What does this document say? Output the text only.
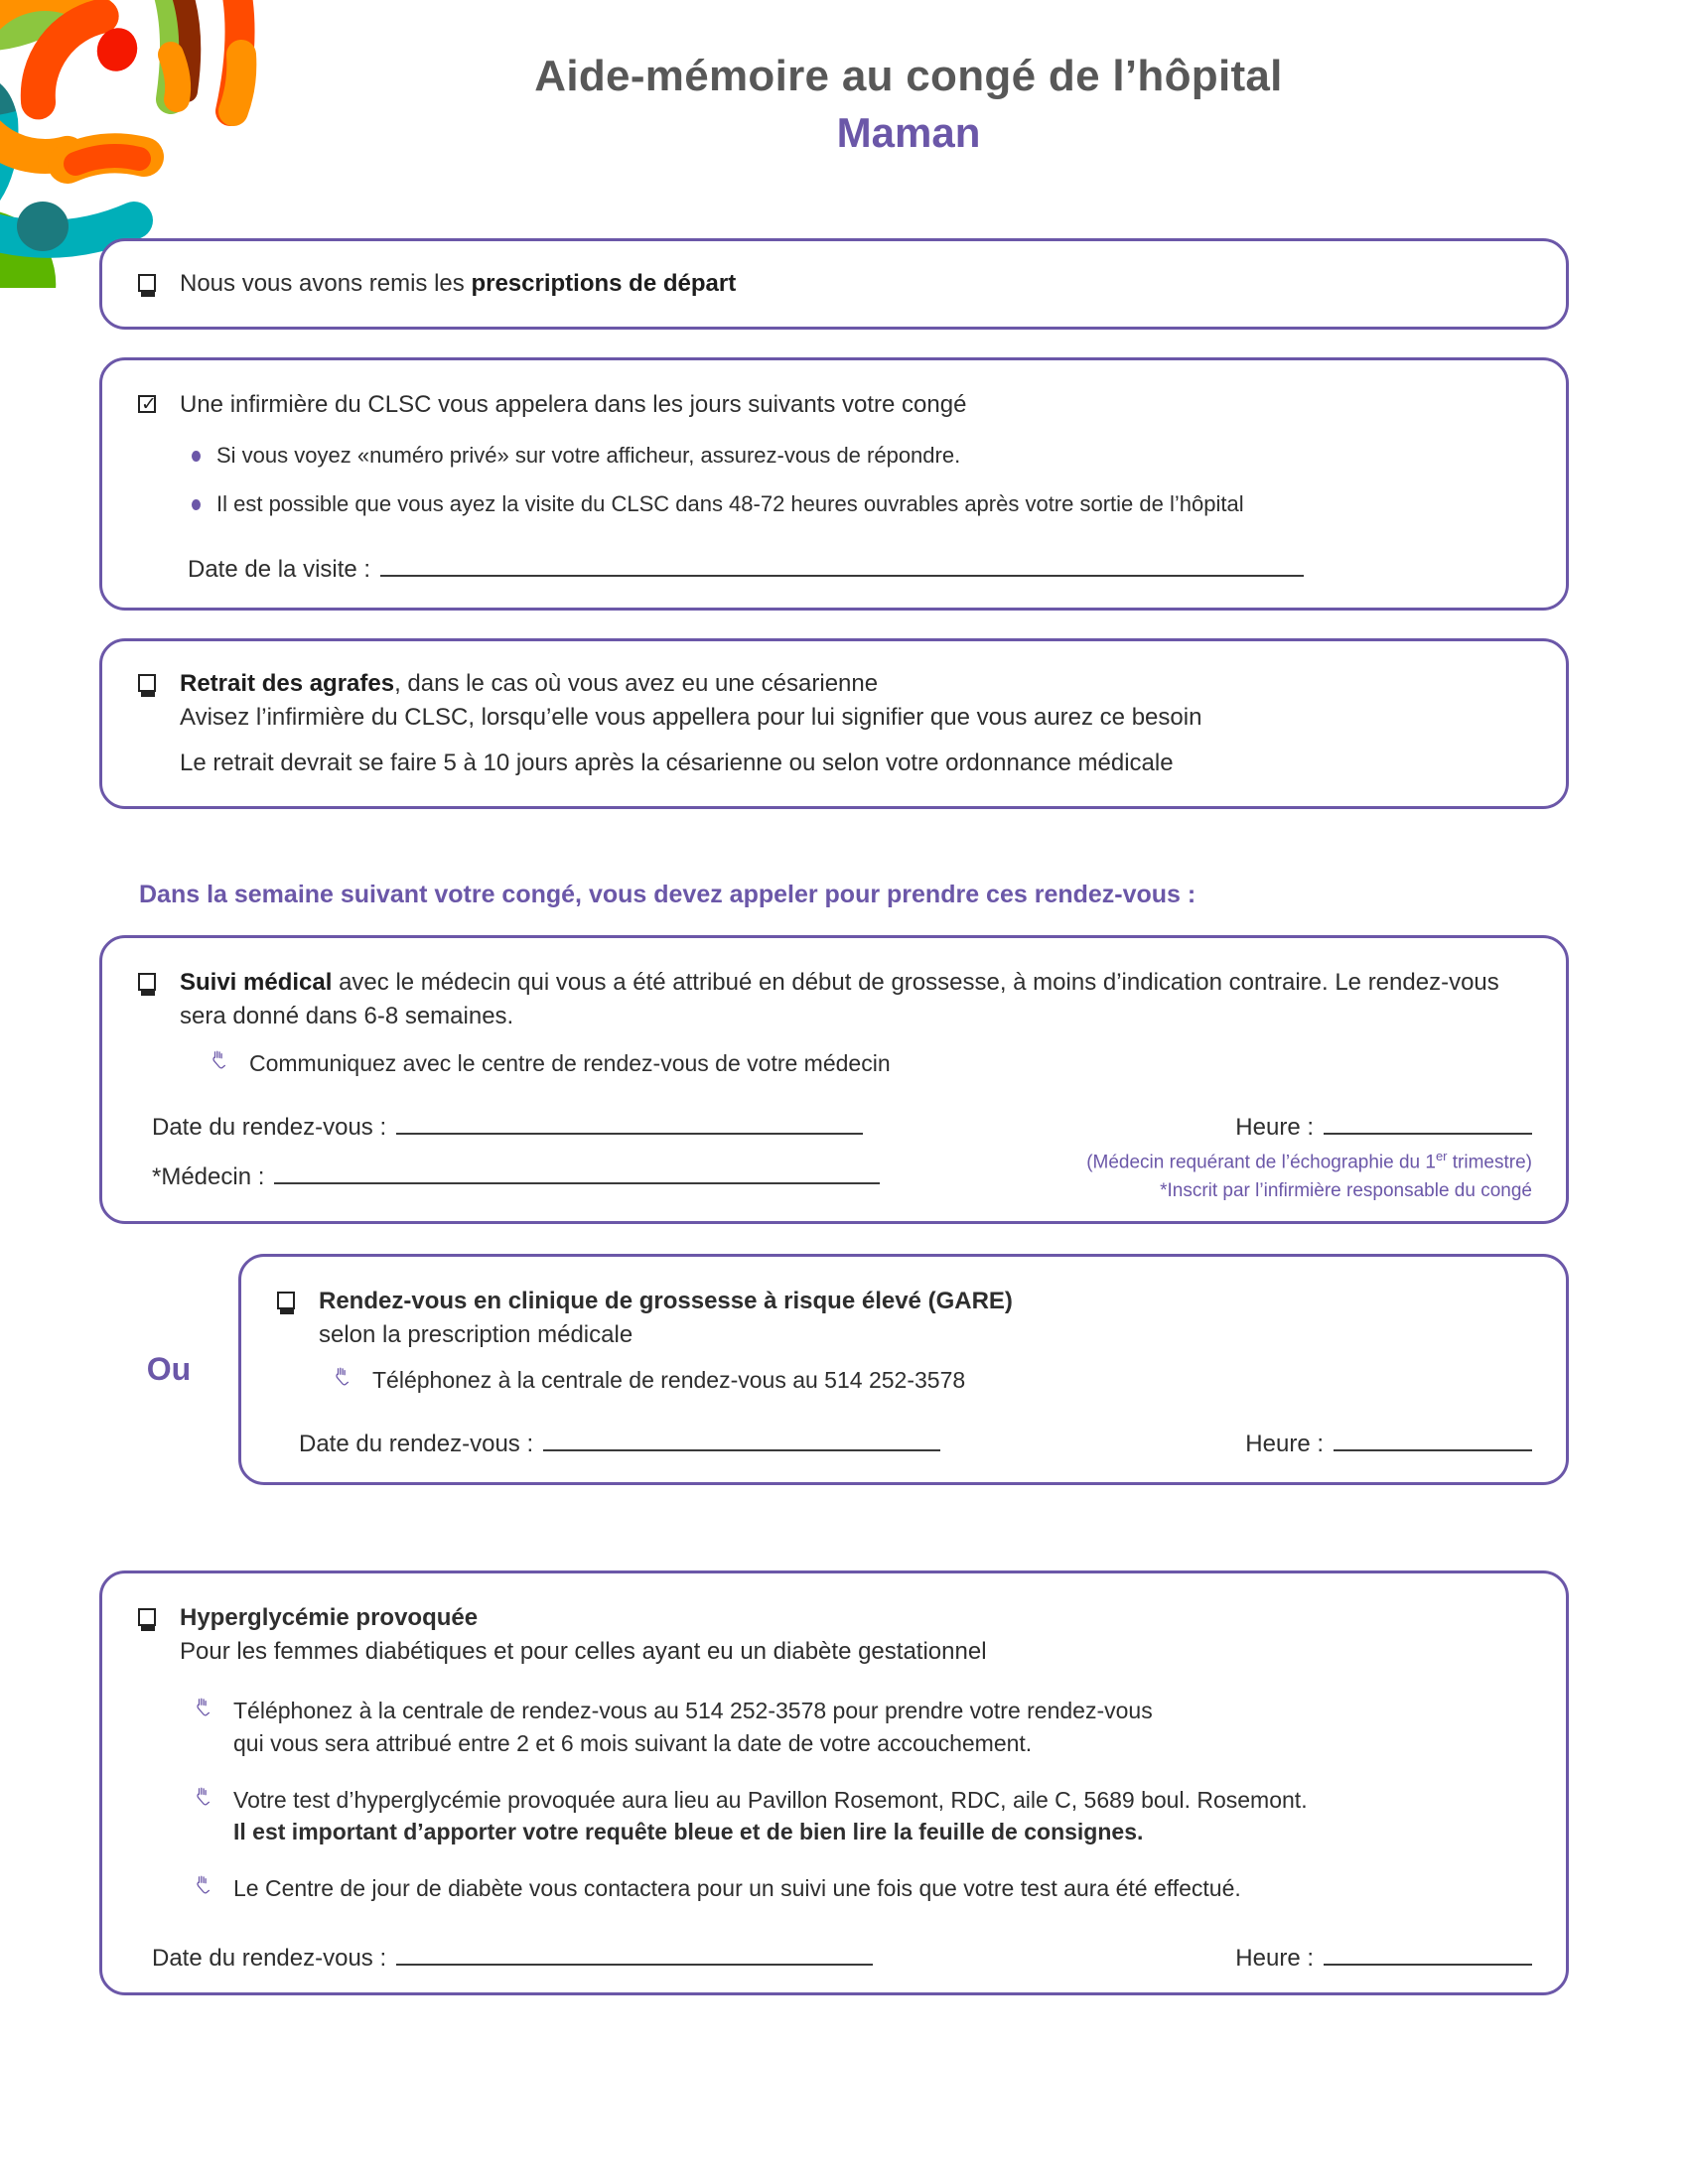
Aide-mémoire au congé de l’hôpital
Maman
Nous vous avons remis les prescriptions de départ
✓ Une infirmière du CLSC vous appelera dans les jours suivants votre congé
Si vous voyez «numéro privé» sur votre afficheur, assurez-vous de répondre.
Il est possible que vous ayez la visite du CLSC dans 48-72 heures ouvrables après votre sortie de l’hôpital
Date de la visite :
Retrait des agrafes, dans le cas où vous avez eu une césarienne
Avisez l’infirmière du CLSC, lorsqu’elle vous appellera pour lui signifier que vous aurez ce besoin
Le retrait devrait se faire 5 à 10 jours après la césarienne ou selon votre ordonnance médicale
Dans la semaine suivant votre congé, vous devez appeler pour prendre ces rendez-vous :
Suivi médical avec le médecin qui vous a été attribué en début de grossesse, à moins d’indication contraire. Le rendez-vous sera donné dans 6-8 semaines.
Communiquez avec le centre de rendez-vous de votre médecin
Date du rendez-vous :
*Médecin :
Heure :
(Médecin requérant de l’échographie du 1er trimestre)
*Inscrit par l’infirmière responsable du congé
Ou
Rendez-vous en clinique de grossesse à risque élevé (GARE)
selon la prescription médicale
Téléphonez à la centrale de rendez-vous au 514 252-3578
Date du rendez-vous :	Heure :
Hyperglycémie provoquée
Pour les femmes diabétiques et pour celles ayant eu un diabète gestationnel
Téléphonez à la centrale de rendez-vous au 514 252-3578 pour prendre votre rendez-vous
qui vous sera attribué entre 2 et 6 mois suivant la date de votre accouchement.
Votre test d’hyperglycémie provoquée aura lieu au Pavillon Rosemont, RDC, aile C, 5689 boul. Rosemont.
Il est important d’apporter votre requête bleue et de bien lire la feuille de consignes.
Le Centre de jour de diabète vous contactera pour un suivi une fois que votre test aura été effectué.
Date du rendez-vous :	Heure :
